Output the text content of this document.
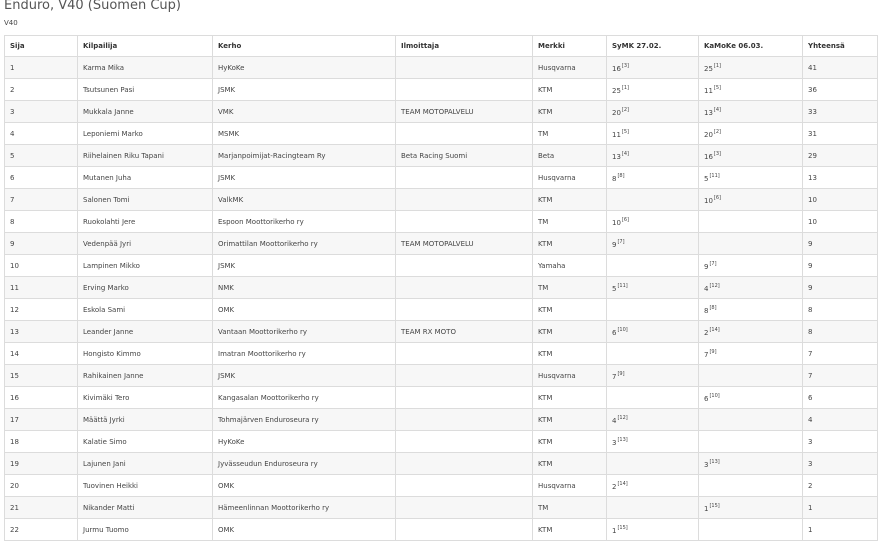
Enduro, V40 (Suomen Cup)
V40
Sija	Kilpailija	Kerho	Ilmoittaja	Merkki	SyMK 27.02.	KaMoKe 06.03.	Yhteensä
1	Karma Mika	HyKoKe		Husqvarna	16[3]	25[1]	41
2	Tsutsunen Pasi	JSMK		KTM	25[1]	11[5]	36
3	Mukkala Janne	VMK	TEAM MOTOPALVELU	KTM	20[2]	13[4]	33
4	Leponiemi Marko	MSMK		TM	11[5]	20[2]	31
5	Riihelainen Riku Tapani	Marjanpoimijat-Racingteam Ry	Beta Racing Suomi	Beta	13[4]	16[3]	29
6	Mutanen Juha	JSMK		Husqvarna	8[8]	5[11]	13
7	Salonen Tomi	ValkMK		KTM		10[6]	10
8	Ruokolahti Jere	Espoon Moottorikerho ry		TM	10[6]		10
9	Vedenpää Jyri	Orimattilan Moottorikerho ry	TEAM MOTOPALVELU	KTM	9[7]		9
10	Lampinen Mikko	JSMK		Yamaha		9[7]	9
11	Erving Marko	NMK		TM	5[11]	4[12]	9
12	Eskola Sami	OMK		KTM		8[8]	8
13	Leander Janne	Vantaan Moottorikerho ry	TEAM RX MOTO	KTM	6[10]	2[14]	8
14	Hongisto Kimmo	Imatran Moottorikerho ry		KTM		7[9]	7
15	Rahikainen Janne	JSMK		Husqvarna	7[9]		7
16	Kivimäki Tero	Kangasalan Moottorikerho ry		KTM		6[10]	6
17	Määttä Jyrki	Tohmajärven Enduroseura ry		KTM	4[12]		4
18	Kalatie Simo	HyKoKe		KTM	3[13]		3
19	Lajunen Jani	Jyvässeudun Enduroseura ry		KTM		3[13]	3
20	Tuovinen Heikki	OMK		Husqvarna	2[14]		2
21	Nikander Matti	Hämeenlinnan Moottorikerho ry		TM		1[15]	1
22	Jurmu Tuomo	OMK		KTM	1[15]		1
